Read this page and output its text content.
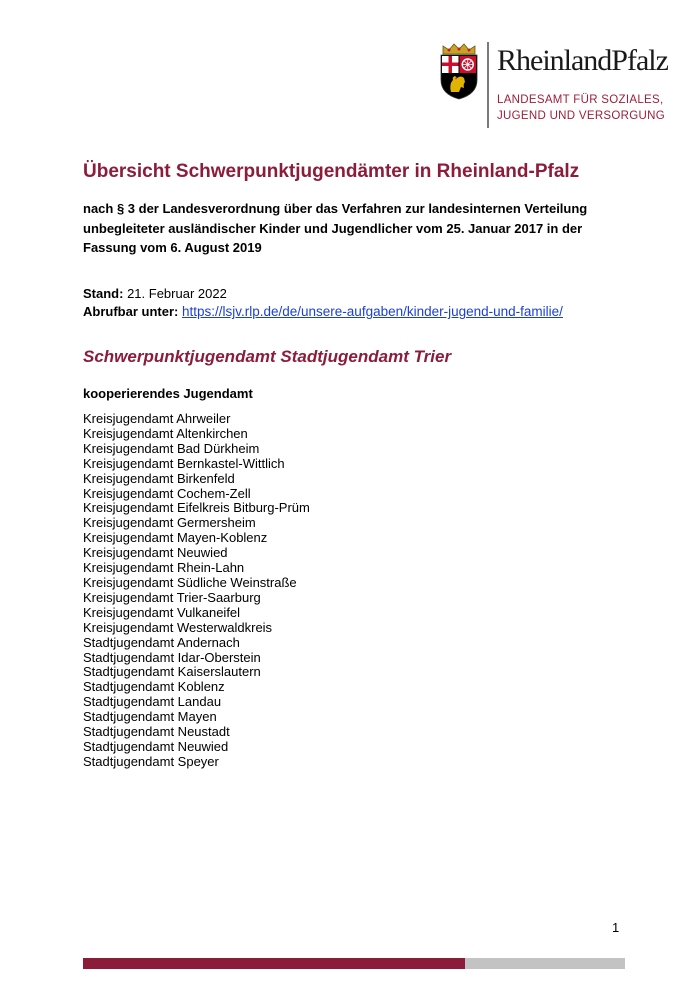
RheinlandPfalz
LANDESAMT FÜR SOZIALES,
JUGEND UND VERSORGUNG
Übersicht Schwerpunktjugendämter in Rheinland-Pfalz

nach § 3 der Landesverordnung über das Verfahren zur landesinternen Verteilung unbegleiteter ausländischer Kinder und Jugendlicher vom 25. Januar 2017 in der Fassung vom 6. August 2019

Stand: 21. Februar 2022
Abrufbar unter: https://lsjv.rlp.de/de/unsere-aufgaben/kinder-jugend-und-familie/
Schwerpunktjugendamt Stadtjugendamt Trier
kooperierendes Jugendamt
Kreisjugendamt Ahrweiler
Kreisjugendamt Altenkirchen
Kreisjugendamt Bad Dürkheim
Kreisjugendamt Bernkastel-Wittlich
Kreisjugendamt Birkenfeld
Kreisjugendamt Cochem-Zell
Kreisjugendamt Eifelkreis Bitburg-Prüm
Kreisjugendamt Germersheim
Kreisjugendamt Mayen-Koblenz
Kreisjugendamt Neuwied
Kreisjugendamt Rhein-Lahn
Kreisjugendamt Südliche Weinstraße
Kreisjugendamt Trier-Saarburg
Kreisjugendamt Vulkaneifel
Kreisjugendamt Westerwaldkreis
Stadtjugendamt Andernach
Stadtjugendamt Idar-Oberstein
Stadtjugendamt Kaiserslautern
Stadtjugendamt Koblenz
Stadtjugendamt Landau
Stadtjugendamt Mayen
Stadtjugendamt Neustadt
Stadtjugendamt Neuwied
Stadtjugendamt Speyer
1
